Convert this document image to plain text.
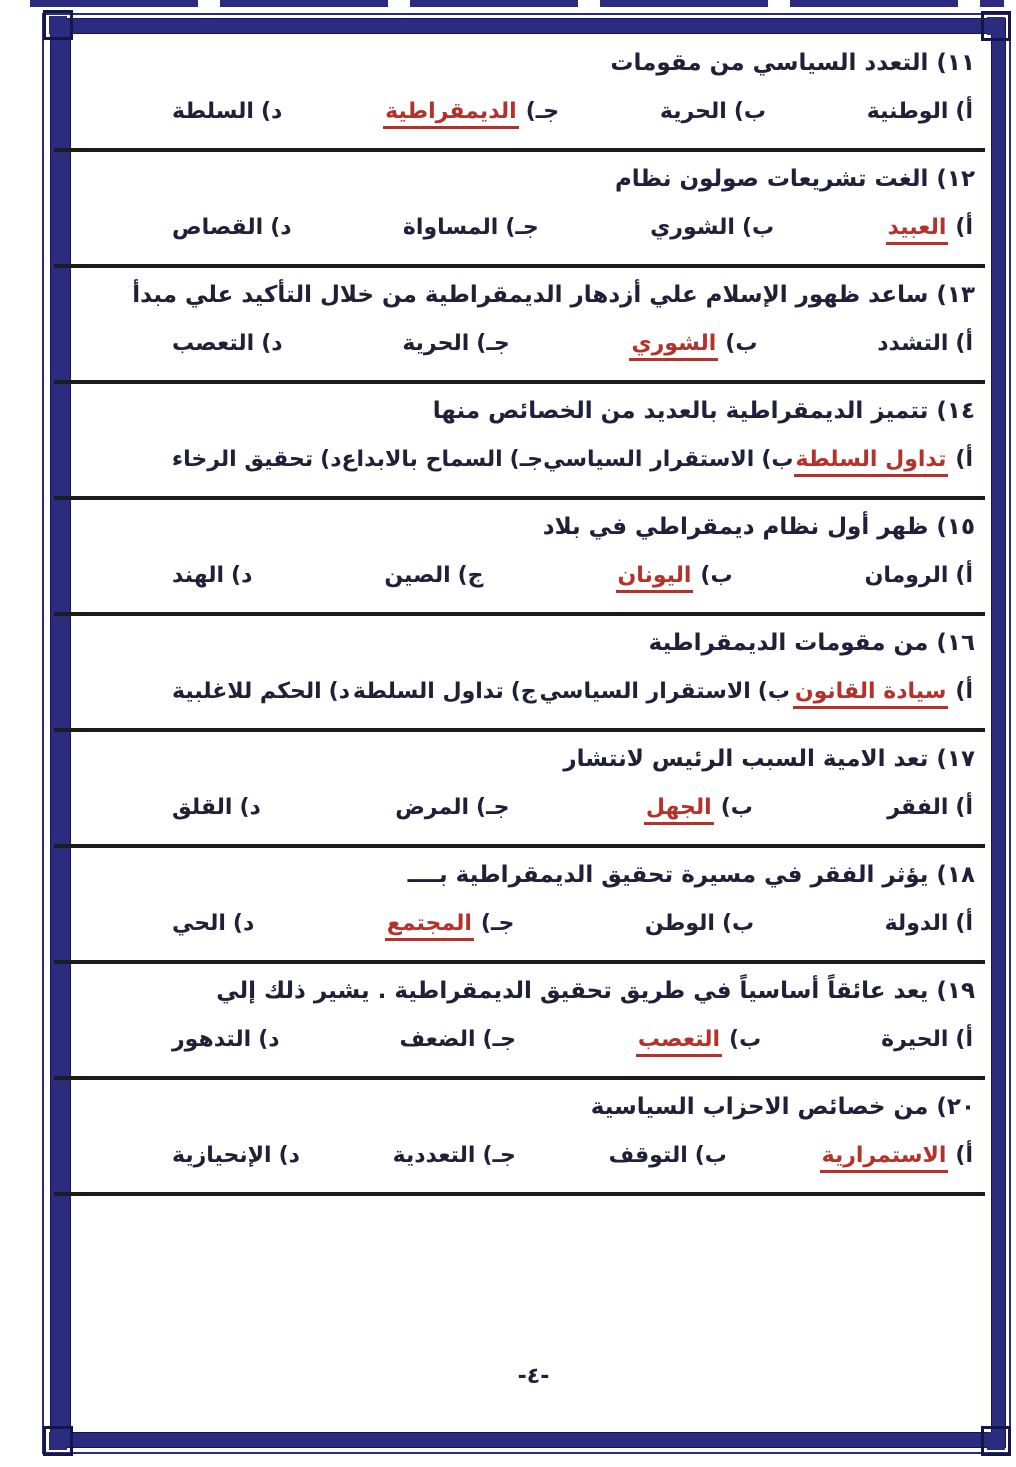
١١) التعدد السياسي من مقومات
أ)
الوطنية
ب)
الحرية
جـ)
الديمقراطية
د)
السلطة
١٢) الغت تشريعات صولون نظام
أ)
العبيد
ب)
الشوري
جـ)
المساواة
د)
القصاص
١٣) ساعد ظهور الإسلام علي أزدهار الديمقراطية من خلال التأكيد علي مبدأ
أ)
التشدد
ب)
الشوري
جـ)
الحرية
د)
التعصب
١٤) تتميز الديمقراطية بالعديد من الخصائص منها
أ)
تداول السلطة
ب)
الاستقرار السياسي
جـ)
السماح بالابداع
د)
تحقيق الرخاء
١٥) ظهر أول نظام ديمقراطي في بلاد
أ)
الرومان
ب)
اليونان
ج)
الصين
د)
الهند
١٦) من مقومات الديمقراطية
أ)
سيادة القانون
ب)
الاستقرار السياسي
ج)
تداول السلطة
د)
الحكم للاغلبية
١٧) تعد الامية السبب الرئيس لانتشار
أ)
الفقر
ب)
الجهل
جـ)
المرض
د)
القلق
١٨) يؤثر الفقر في مسيرة تحقيق الديمقراطية بــــ
أ)
الدولة
ب)
الوطن
جـ)
المجتمع
د)
الحي
١٩) يعد عائقاً أساسياً في طريق تحقيق الديمقراطية . يشير ذلك إلي
أ)
الحيرة
ب)
التعصب
جـ)
الضعف
د)
التدهور
٢٠) من خصائص الاحزاب السياسية
أ)
الاستمرارية
ب)
التوقف
جـ)
التعددية
د)
الإنحيازية
-٤-
